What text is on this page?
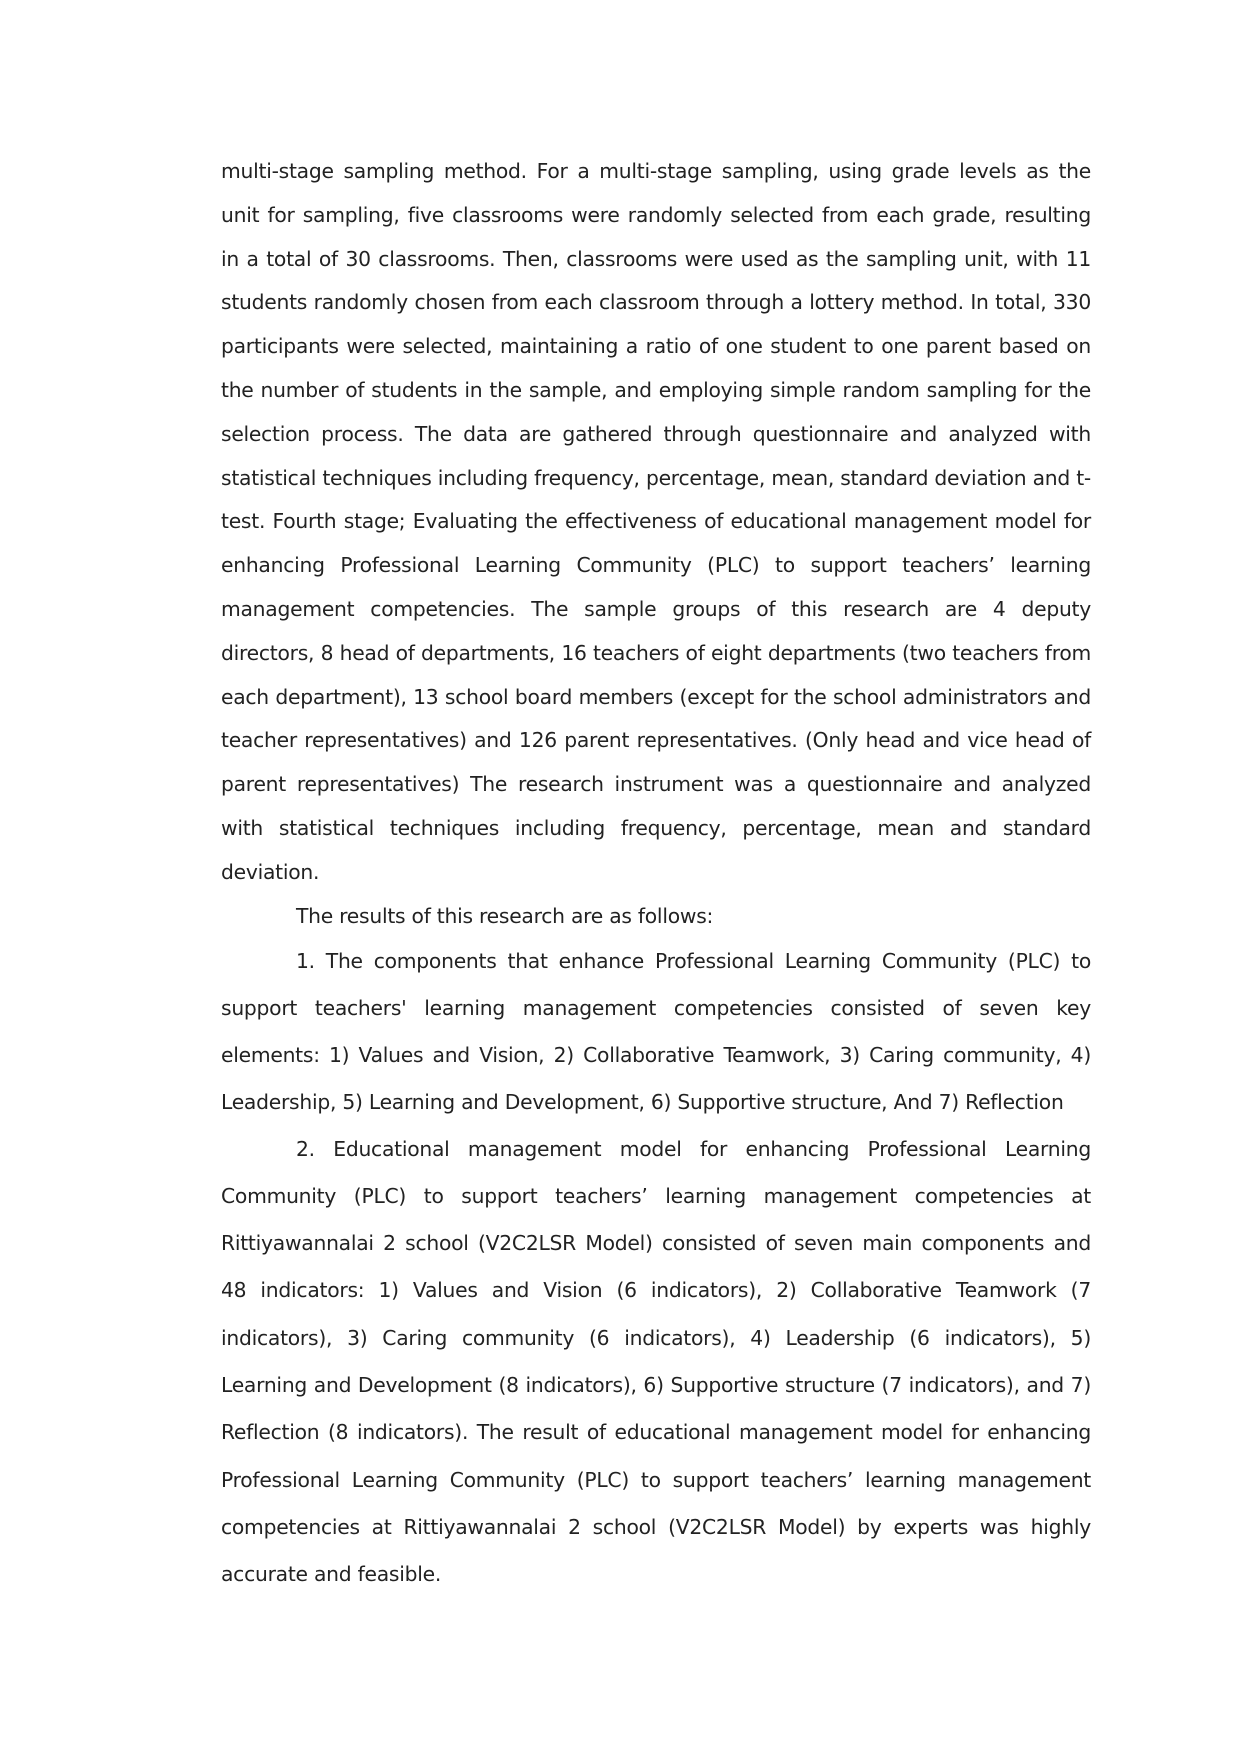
multi-stage sampling method. For a multi-stage sampling, using grade levels as the unit for sampling, five classrooms were randomly selected from each grade, resulting in a total of 30 classrooms. Then, classrooms were used as the sampling unit, with 11 students randomly chosen from each classroom through a lottery method. In total, 330 participants were selected, maintaining a ratio of one student to one parent based on the number of students in the sample, and employing simple random sampling for the selection process. The data are gathered through questionnaire and analyzed with statistical techniques including frequency, percentage, mean, standard deviation and t-test. Fourth stage; Evaluating the effectiveness of educational management model for enhancing Professional Learning Community (PLC) to support teachers’ learning management competencies. The sample groups of this research are 4 deputy directors, 8 head of departments, 16 teachers of eight departments (two teachers from each department), 13 school board members (except for the school administrators and teacher representatives) and 126 parent representatives. (Only head and vice head of parent representatives) The research instrument was a questionnaire and analyzed with statistical techniques including frequency, percentage, mean and standard deviation.

The results of this research are as follows:

1. The components that enhance Professional Learning Community (PLC) to support teachers' learning management competencies consisted of seven key elements: 1) Values and Vision, 2) Collaborative Teamwork, 3) Caring community, 4) Leadership, 5) Learning and Development, 6) Supportive structure, And 7) Reflection

2. Educational management model for enhancing Professional Learning Community (PLC) to support teachers’ learning management competencies at Rittiyawannalai 2 school (V2C2LSR Model) consisted of seven main components and 48 indicators: 1) Values and Vision (6 indicators), 2) Collaborative Teamwork (7 indicators), 3) Caring community (6 indicators), 4) Leadership (6 indicators), 5) Learning and Development (8 indicators), 6) Supportive structure (7 indicators), and 7) Reflection (8 indicators). The result of educational management model for enhancing Professional Learning Community (PLC) to support teachers’ learning management competencies at Rittiyawannalai 2 school (V2C2LSR Model) by experts was highly accurate and feasible.
